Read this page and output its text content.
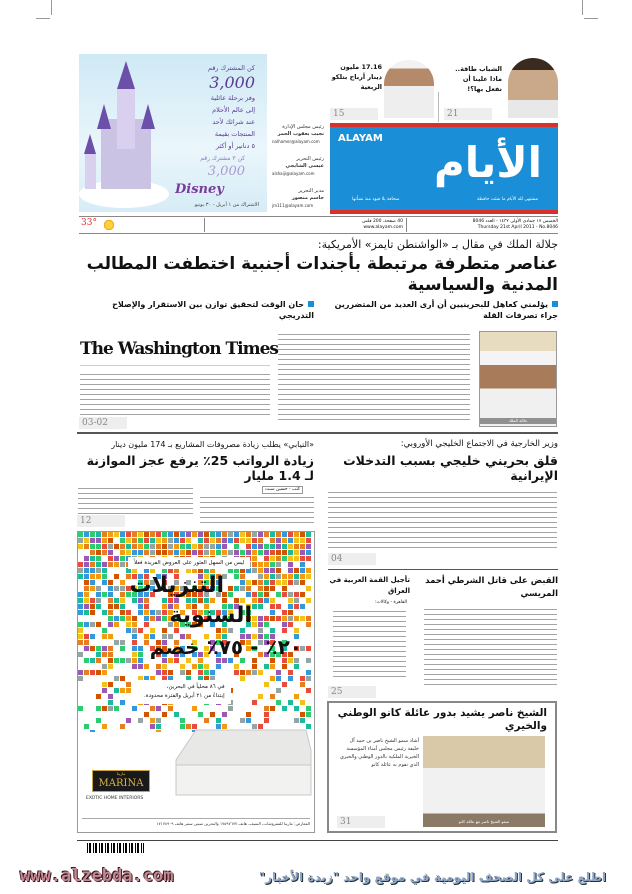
كن المشترك رقم
3,000
وفز برحلة عائلية
إلى عالم الأحلام
عند شرائك لأحد
المنتجات بقيمة
٥ دنانير أو أكثر
كن ٣ مشترك رقم
3,000
Disney
الاشتراك من ١ أبريل - ٣٠ يونيو
رئيس مجلس الإدارة
نجيب يعقوب الحمر
nalhamer@alayam.com
رئيس التحرير
عيسى الشايجي
alshaiji@alayam.com
مدير التحرير
جاسم منصور
jm111@alayam.com
الشباب طاقة.. ماذا علينا أن نفعل بها؟!
21
17.16 مليون دينار أرباح بتلكو الربعية
15
ALAYAM الأيام
مشتهى لله الأيام ما شئت حافظة
صحافة بلا قيود منذ نشأتها
الخميس ١٧ جمادى الأولى ١٤٣٢ - العدد 8046
Thursday 21st April 2011 - No.8046
40 صفحة، 200 فلس
www.alayam.com
33°
جلالة الملك في مقال بـ «الواشنطن تايمز» الأمريكية:
عناصر متطرفة مرتبطة بأجندات أجنبية اختطفت المطالب المدنية والسياسية
يؤلمني كعاهل للبحرينيين أن أرى العديد من المتضررين جراء تصرفات القلة
حان الوقت لتحقيق توازن بين الاستقرار والإصلاح التدريجي
جلالة الملك
The Washington Times
03-02
وزير الخارجية في الاجتماع الخليجي الأوروبي:
قلق بحريني خليجي بسبب التدخلات الإيرانية
04
«النيابي» يطلب زيادة مصروفات المشاريع بـ 174 مليون دينار
زيادة الرواتب 25٪ يرفع عجز الموازنة لـ 1.4 مليار
كتب - حسين سبت
12
القبض على قاتل الشرطي أحمد المريسي
تأجيل القمة العربية في العراق
القاهرة - وكالات:
25
الشيخ ناصر يشيد بدور عائلة كانو الوطني والخيري
سمو الشيخ ناصر مع عائلة كانو
أشاد سمو الشيخ ناصر بن حمد آل خليفة رئيس مجلس أمناء المؤسسة الخيرية الملكية بالدور الوطني والخيري الذي تقوم به عائلة كانو
31
ليس من السهل العثور على العروض الفريدة فعلاً
التنزيلات
السنوية
٢٠٪ - ٧٥٪ خصم
في ٨٦ محلياً في البحرين،
إبتداءً من ٢١ أبريل والفترة محدودة.
مارينا
MARINA
EXOTIC HOME INTERIORS
المعارض: مارينا للمفروشات، السيف، هاتف ١٧٥٩٧٦٧٧ والبحرين سيتي سنتر هاتف ١٧١٧٨٩٠٩
اطلع على كل الصحف اليومية في موقع واحد "زبدة الأخبار"
www.alzebda.com
